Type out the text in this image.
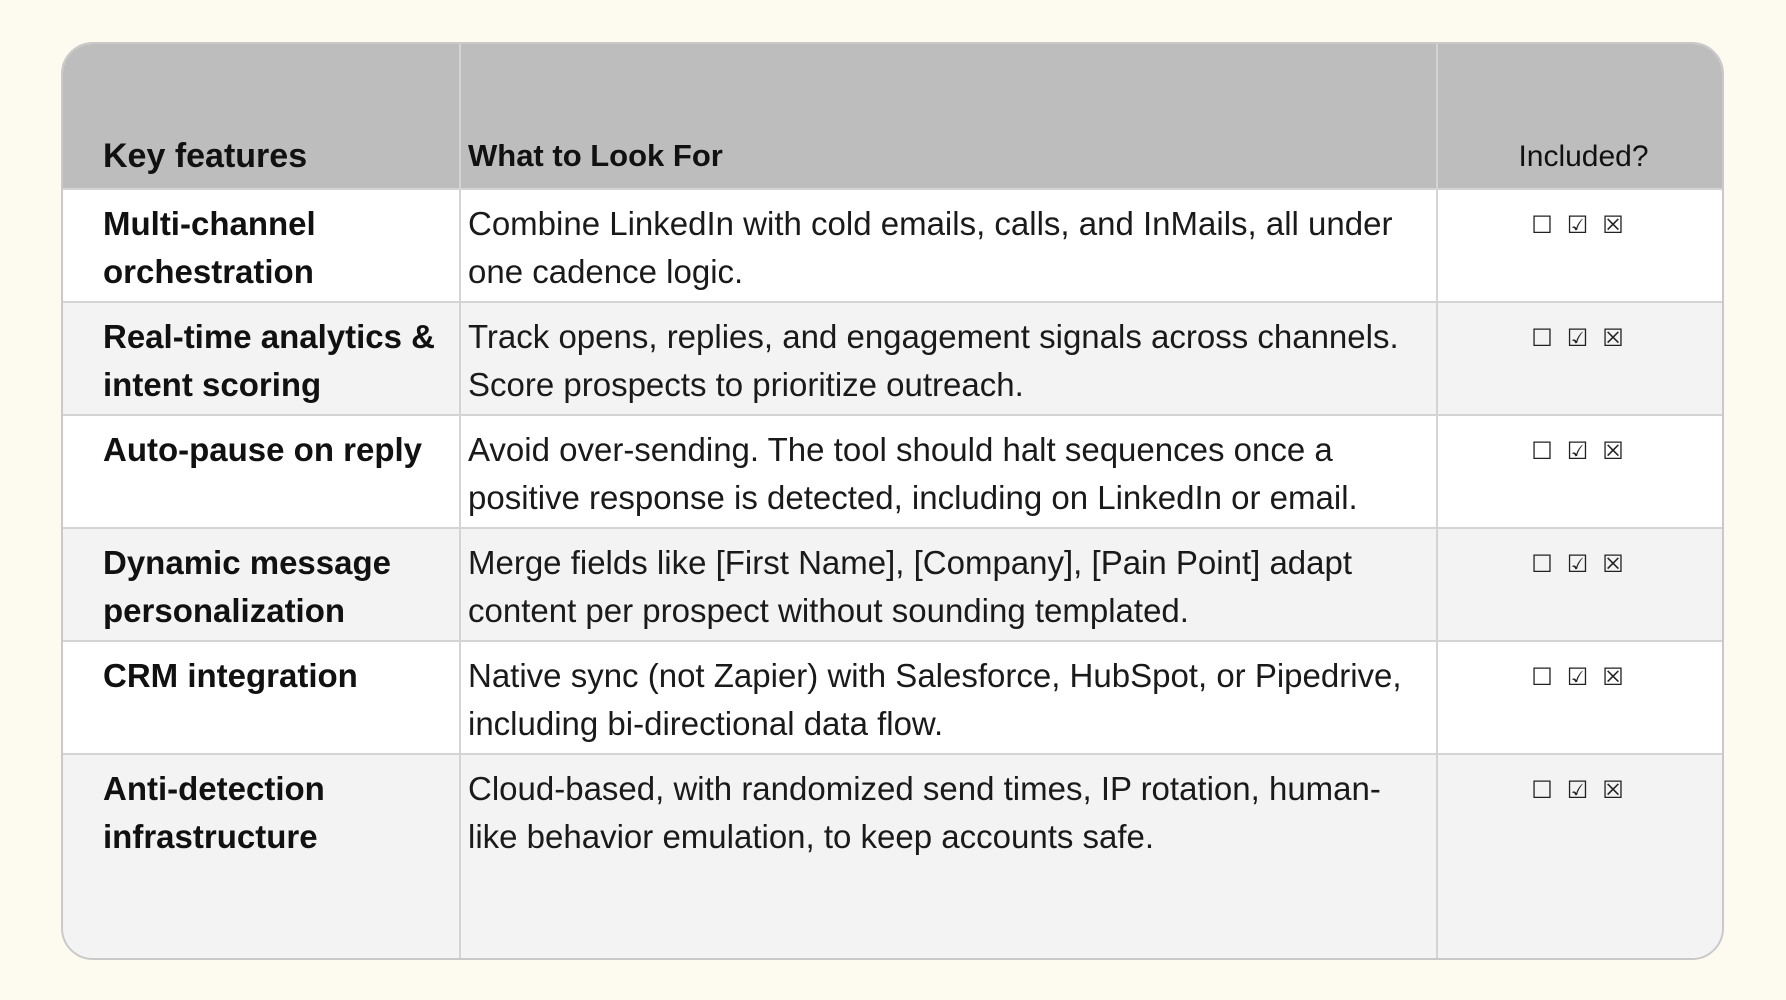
Key features	What to Look For	Included?
Multi-channel orchestration	Combine LinkedIn with cold emails, calls, and InMails, all under one cadence logic.	☐ ☑ ☒
Real-time analytics & intent scoring	Track opens, replies, and engagement signals across channels. Score prospects to prioritize outreach.	☐ ☑ ☒
Auto-pause on reply	Avoid over-sending. The tool should halt sequences once a positive response is detected, including on LinkedIn or email.	☐ ☑ ☒
Dynamic message personalization	Merge fields like [First Name], [Company], [Pain Point] adapt content per prospect without sounding templated.	☐ ☑ ☒
CRM integration	Native sync (not Zapier) with Salesforce, HubSpot, or Pipedrive, including bi-directional data flow.	☐ ☑ ☒
Anti-detection infrastructure	Cloud-based, with randomized send times, IP rotation, human-like behavior emulation, to keep accounts safe.	☐ ☑ ☒
